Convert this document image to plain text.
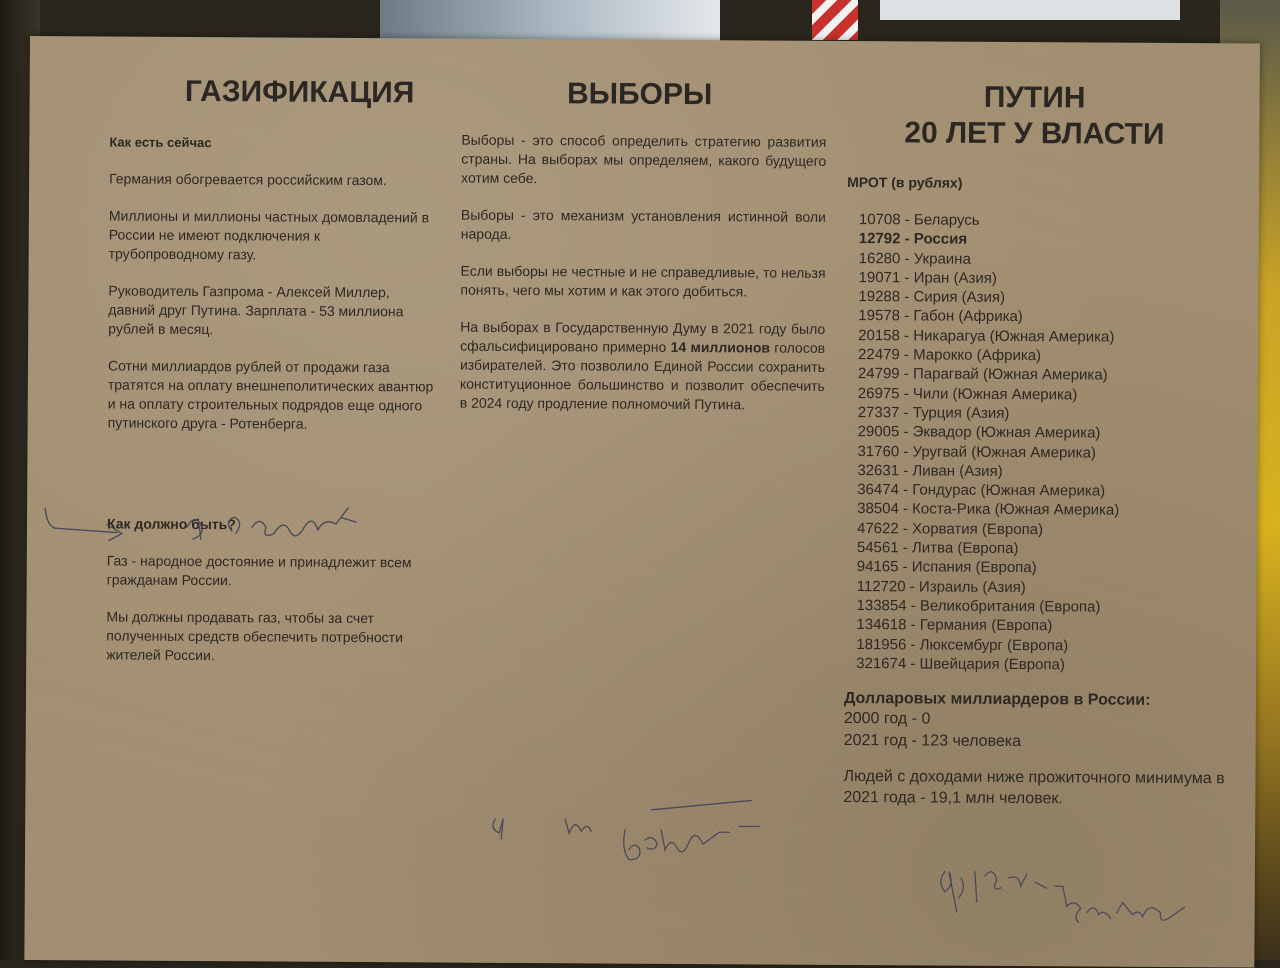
ГАЗИФИКАЦИЯ

Как есть сейчас

Германия обогревается российским газом.

Миллионы и миллионы частных домовладений в России не имеют подключения к трубопроводному газу.

Руководитель Газпрома - Алексей Миллер, давний друг Путина. Зарплата - 53 миллиона рублей в месяц.

Сотни миллиардов рублей от продажи газа тратятся на оплату внешнеполитических авантюр и на оплату строительных подрядов еще одного путинского друга - Ротенберга.

Как должно быть?

Газ - народное достояние и принадлежит всем гражданам России.

Мы должны продавать газ, чтобы за счет полученных средств обеспечить потребности жителей России.

ВЫБОРЫ

Выборы - это способ определить стратегию развития страны. На выборах мы определяем, какого будущего хотим себе.

Выборы - это механизм установления истинной воли народа.

Если выборы не честные и не справедливые, то нельзя понять, чего мы хотим и как этого добиться.

На выборах в Государственную Думу в 2021 году было сфальсифицировано примерно 14 миллионов голосов избирателей. Это позволило Единой России сохранить конституционное большинство и позволит обеспечить в 2024 году продление полномочий Путина.

ПУТИН
20 ЛЕТ У ВЛАСТИ
МРОТ (в рублях)
10708 - Беларусь
12792 - Россия
16280 - Украина
19071 - Иран (Азия)
19288 - Сирия (Азия)
19578 - Габон (Африка)
20158 - Никарагуа (Южная Америка)
22479 - Марокко (Африка)
24799 - Парагвай (Южная Америка)
26975 - Чили (Южная Америка)
27337 - Турция (Азия)
29005 - Эквадор (Южная Америка)
31760 - Уругвай (Южная Америка)
32631 - Ливан (Азия)
36474 - Гондурас (Южная Америка)
38504 - Коста-Рика (Южная Америка)
47622 - Хорватия (Европа)
54561 - Литва (Европа)
94165 - Испания (Европа)
112720 - Израиль (Азия)
133854 - Великобритания (Европа)
134618 - Германия (Европа)
181956 - Люксембург (Европа)
321674 - Швейцария (Европа)
Долларовых миллиардеров в России:
2000 год - 0
2021 год - 123 человека
Людей с доходами ниже прожиточного минимума в 2021 года - 19,1 млн человек.
